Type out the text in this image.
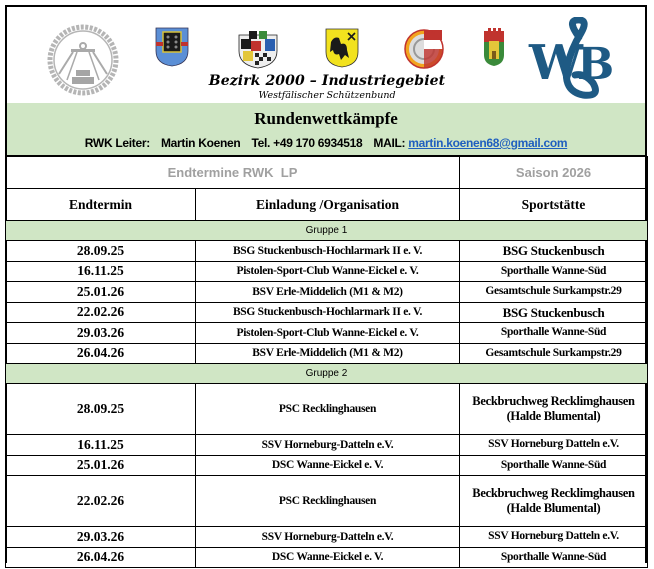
W
B
Bezirk 2000 – Industriegebiet
Westfälischer Schützenbund
Rundenwettkämpfe
RWK Leiter: Martin Koenen Tel. +49 170 6934518 MAIL: martin.koenen68@gmail.com
Endtermine RWK  LP		Saison 2026
Endtermin	Einladung /Organisation	Sportstätte
Gruppe 1		
28.09.25	BSG Stuckenbusch-Hochlarmark II e. V.	BSG Stuckenbusch
16.11.25	Pistolen-Sport-Club Wanne-Eickel e. V.	Sporthalle Wanne-Süd
25.01.26	BSV Erle-Middelich (M1 & M2)	Gesamtschule Surkampstr.29
22.02.26	BSG Stuckenbusch-Hochlarmark II e. V.	BSG Stuckenbusch
29.03.26	Pistolen-Sport-Club Wanne-Eickel e. V.	Sporthalle Wanne-Süd
26.04.26	BSV Erle-Middelich (M1 & M2)	Gesamtschule Surkampstr.29
Gruppe 2		
28.09.25	PSC Recklinghausen	Beckbruchweg Recklimghausen (Halde Blumental)
16.11.25	SSV Horneburg-Datteln e.V.	SSV Horneburg Datteln e.V.
25.01.26	DSC Wanne-Eickel e. V.	Sporthalle Wanne-Süd
22.02.26	PSC Recklinghausen	Beckbruchweg Recklimghausen (Halde Blumental)
29.03.26	SSV Horneburg-Datteln e.V.	SSV Horneburg Datteln e.V.
26.04.26	DSC Wanne-Eickel e. V.	Sporthalle Wanne-Süd
